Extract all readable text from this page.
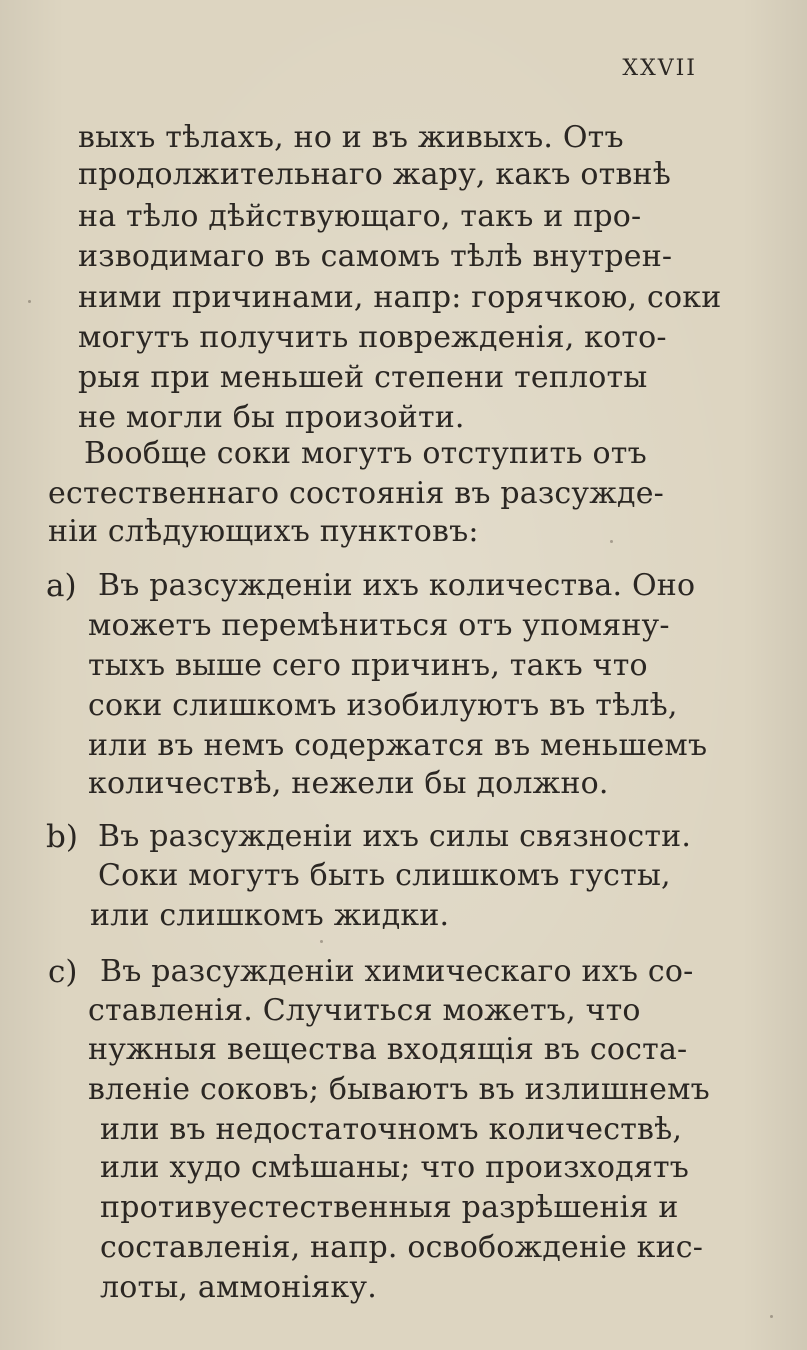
XXVII
выхъ тѣлахъ, но и въ живыхъ. Отъ
продолжительнаго жару, какъ отвнѣ
на тѣло дѣйствующаго, такъ и про-
изводимаго въ самомъ тѣлѣ внутрен-
ними причинами, напр: горячкою, соки
могутъ получить поврежденія, кото-
рыя при меньшей степени теплоты
не могли бы произойти.
Вообще соки могутъ отступить отъ
естественнаго состоянія въ разсужде-
нiи слѣдующихъ пунктовъ:
a) Въ разсужденiи ихъ количества. Оно
можетъ перемѣниться отъ упомяну-
тыхъ выше сего причинъ, такъ что
соки слишкомъ изобилуютъ въ тѣлѣ,
или въ немъ содержатся въ меньшемъ
количествѣ, нежели бы должно.
b) Въ разсужденiи ихъ силы связности.
Соки могутъ быть слишкомъ густы,
или слишкомъ жидки.
c) Въ разсужденiи химическаго ихъ со-
ставленія. Случиться можетъ, что
нужныя вещества входящія въ соста-
вленiе соковъ; бываютъ въ излишнемъ
или въ недостаточномъ количествѣ,
или худо смѣшаны; что произходятъ
противуестественныя разрѣшенія и
составленія, напр. освобожденiе кис-
лоты, аммонiяку.
